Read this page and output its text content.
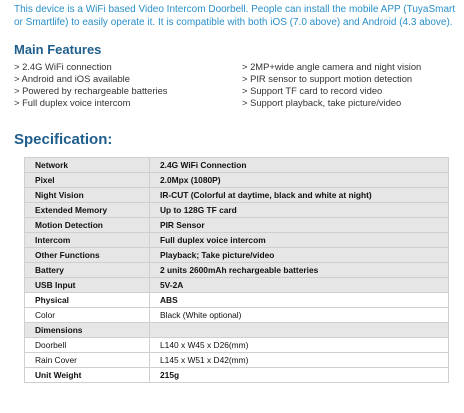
This device is a WiFi based Video Intercom Doorbell. People can install the mobile APP (TuyaSmart
or Smartlife) to easily operate it. It is compatible with both iOS (7.0 above) and Android (4.3 above).
Main Features
> 2.4G WiFi connection
> Android and iOS available
> Powered by rechargeable batteries
> Full duplex voice intercom
> 2MP+wide angle camera and night vision
> PIR sensor to support motion detection
> Support TF card to record video
> Support playback, take picture/video
Specification:
Network	2.4G WiFi Connection
Pixel	2.0Mpx (1080P)
Night Vision	IR-CUT (Colorful at daytime, black and white at night)
Extended Memory	Up to 128G TF card
Motion Detection	PIR Sensor
Intercom	Full duplex voice intercom
Other Functions	Playback; Take picture/video
Battery	2 units 2600mAh rechargeable batteries
USB Input	5V-2A
Physical	ABS
Color	Black (White optional)
Dimensions	
Doorbell	L140 x W45 x D26(mm)
Rain Cover	L145 x W51 x D42(mm)
Unit Weight	215g
